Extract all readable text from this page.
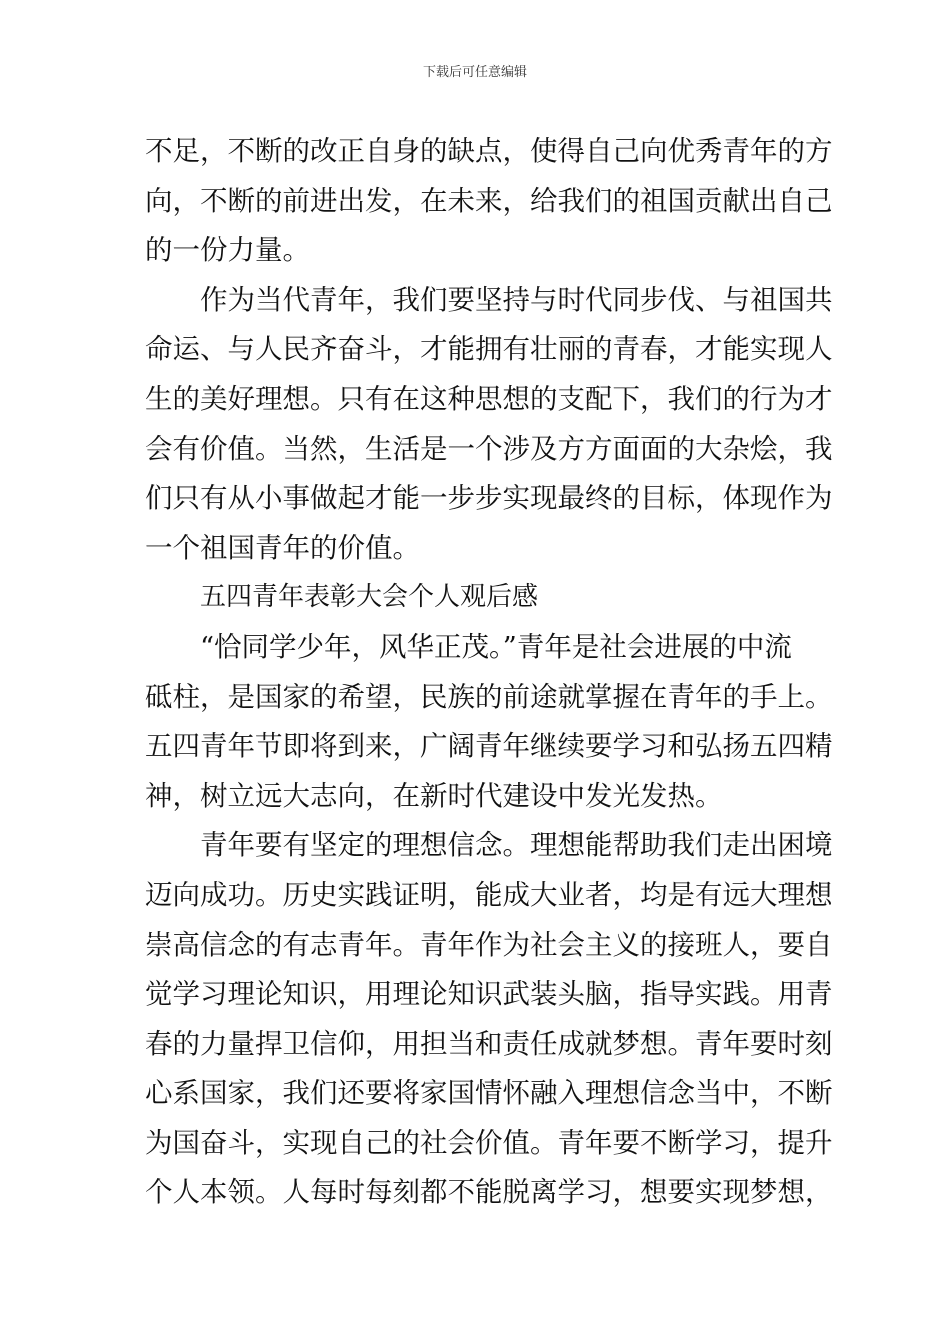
下载后可任意编辑
不足，不断的改正自身的缺点，使得自己向优秀青年的方
向，不断的前进出发，在未来，给我们的祖国贡献出自己
的一份力量。
作为当代青年，我们要坚持与时代同步伐、与祖国共
命运、与人民齐奋斗，才能拥有壮丽的青春，才能实现人
生的美好理想。只有在这种思想的支配下，我们的行为才
会有价值。当然，生活是一个涉及方方面面的大杂烩，我
们只有从小事做起才能一步步实现最终的目标，体现作为
一个祖国青年的价值。
五四青年表彰大会个人观后感
“恰同学少年，风华正茂。”青年是社会进展的中流
砥柱，是国家的希望，民族的前途就掌握在青年的手上。
五四青年节即将到来，广阔青年继续要学习和弘扬五四精
神，树立远大志向，在新时代建设中发光发热。
青年要有坚定的理想信念。理想能帮助我们走出困境
迈向成功。历史实践证明，能成大业者，均是有远大理想
崇高信念的有志青年。青年作为社会主义的接班人，要自
觉学习理论知识，用理论知识武装头脑，指导实践。用青
春的力量捍卫信仰，用担当和责任成就梦想。青年要时刻
心系国家，我们还要将家国情怀融入理想信念当中，不断
为国奋斗，实现自己的社会价值。青年要不断学习，提升
个人本领。人每时每刻都不能脱离学习，想要实现梦想，
